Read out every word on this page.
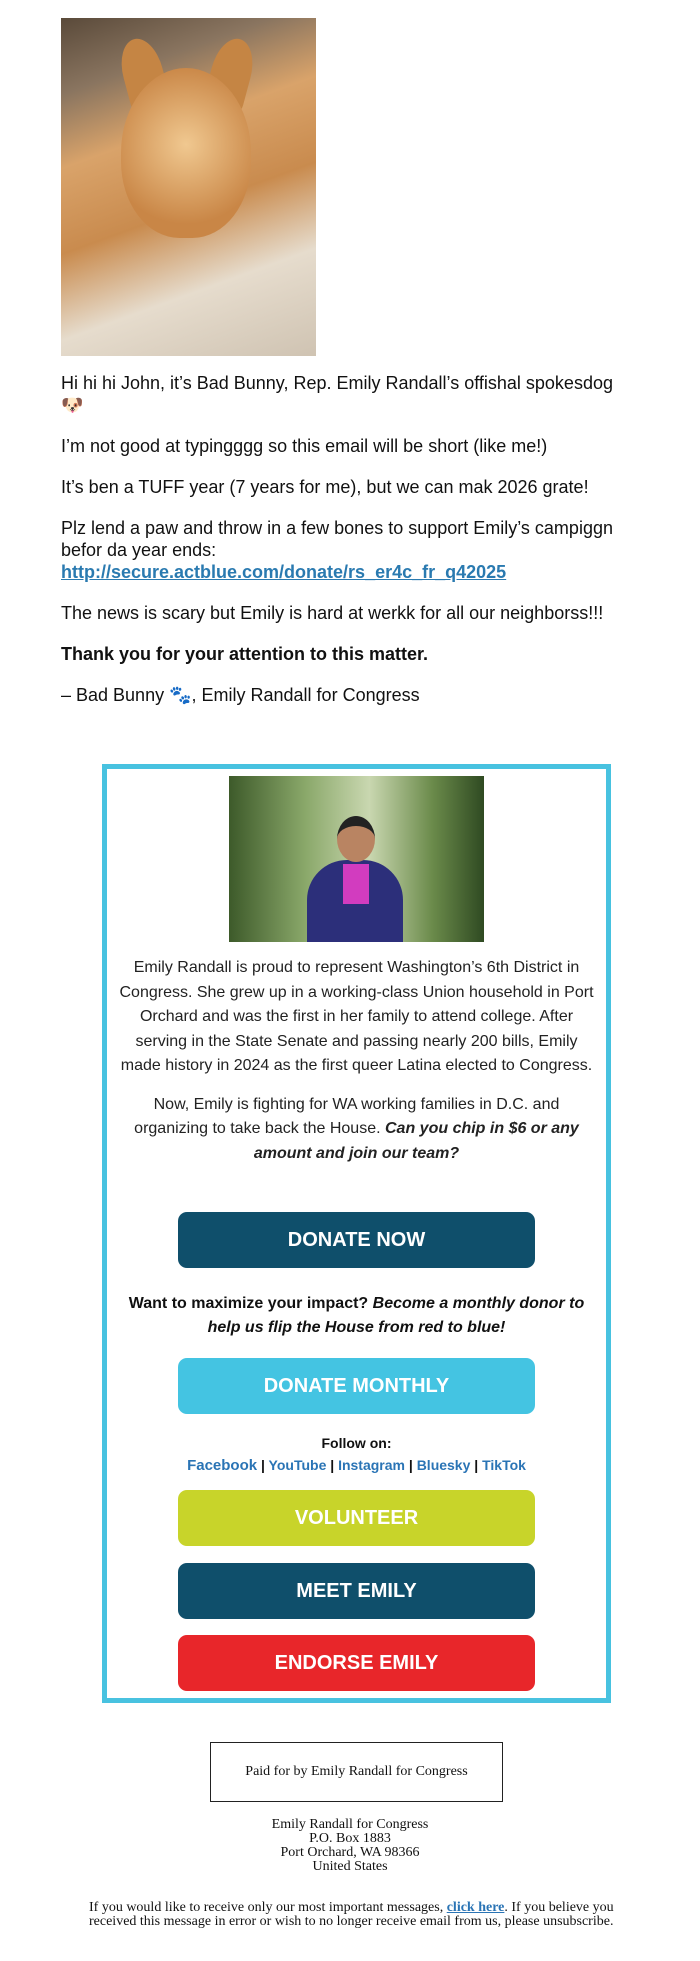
Hi hi hi John, it’s Bad Bunny, Rep. Emily Randall’s offishal spokesdog
🐶

I’m not good at typingggg so this email will be short (like me!)

It’s ben a TUFF year (7 years for me), but we can mak 2026 grate!

Plz lend a paw and throw in a few bones to support Emily’s campiggn befor da year ends:
http://secure.actblue.com/donate/rs_er4c_fr_q42025

The news is scary but Emily is hard at werkk for all our neighborss!!!

Thank you for your attention to this matter.

– Bad Bunny 🐾, Emily Randall for Congress

Emily Randall is proud to represent Washington’s 6th District in Congress. She grew up in a working-class Union household in Port Orchard and was the first in her family to attend college. After serving in the State Senate and passing nearly 200 bills, Emily made history in 2024 as the first queer Latina elected to Congress.

Now, Emily is fighting for WA working families in D.C. and organizing to take back the House. Can you chip in $6 or any amount and join our team?

DONATE NOW
Want to maximize your impact? Become a monthly donor to help us flip the House from red to blue!
DONATE MONTHLY
Follow on:
Facebook | YouTube | Instagram | Bluesky | TikTok
VOLUNTEER
MEET EMILY
ENDORSE EMILY
Paid for by Emily Randall for Congress
Emily Randall for Congress
P.O. Box 1883
Port Orchard, WA 98366
United States
If you would like to receive only our most important messages, click here. If you believe you received this message in error or wish to no longer receive email from us, please unsubscribe.
